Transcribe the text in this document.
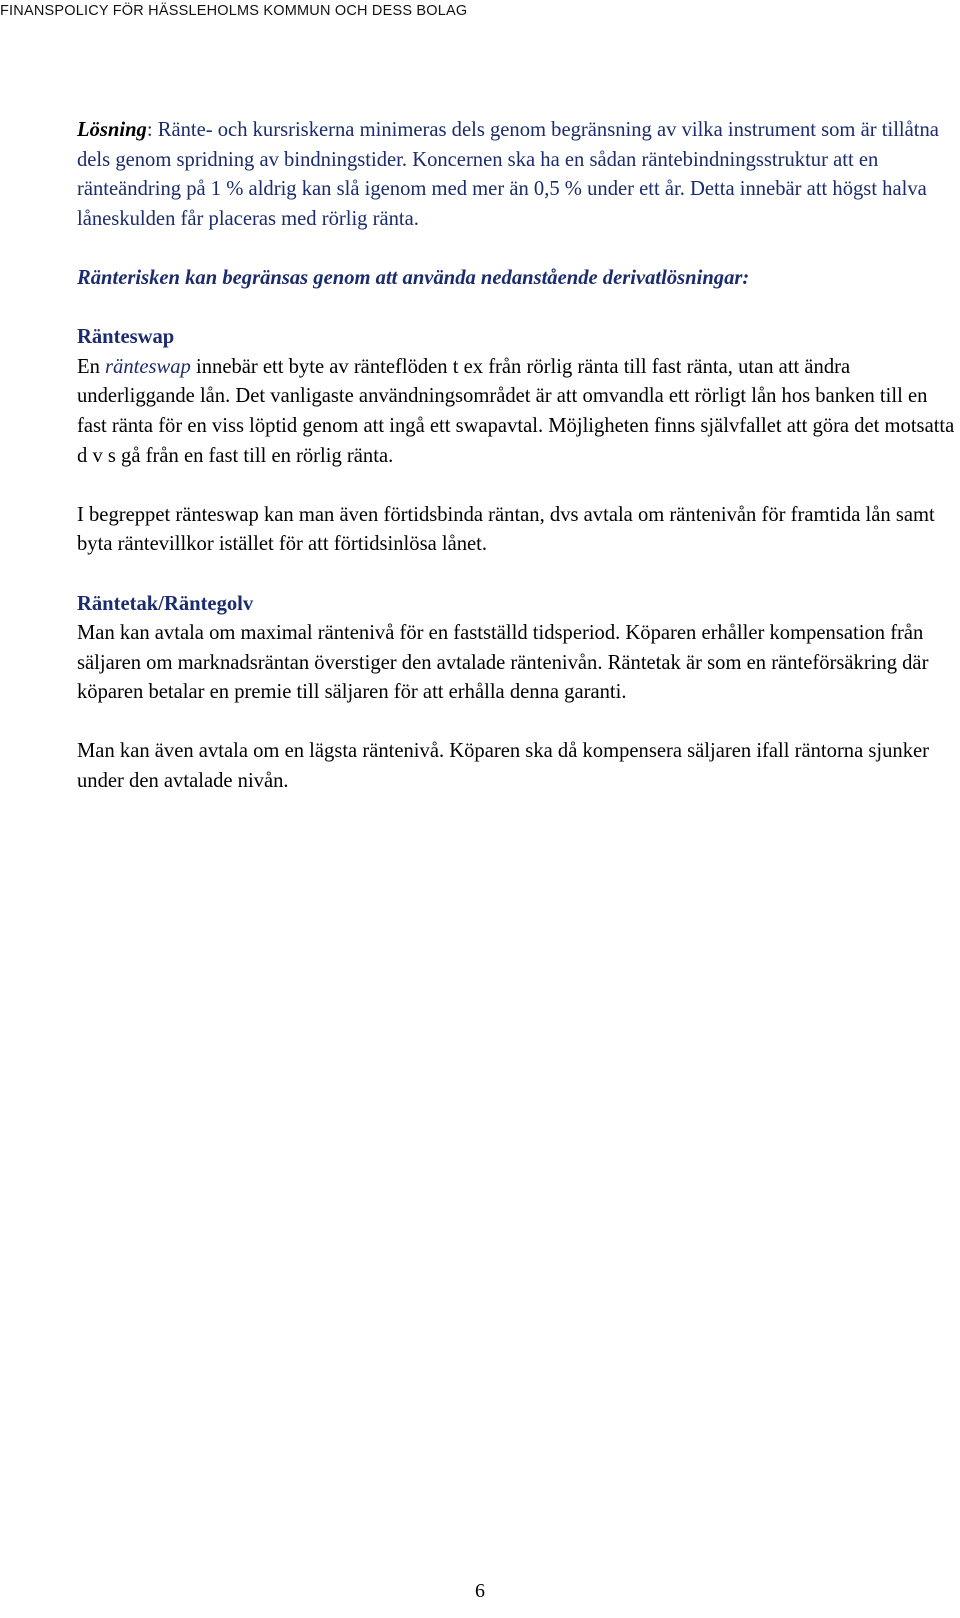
FINANSPOLICY FÖR HÄSSLEHOLMS KOMMUN OCH DESS BOLAG

Lösning: Ränte- och kursriskerna minimeras dels genom begränsning av vilka instrument som är tillåtna dels genom spridning av bindningstider. Koncernen ska ha en sådan räntebindningsstruktur att en ränteändring på 1 % aldrig kan slå igenom med mer än 0,5 % under ett år. Detta innebär att högst halva låneskulden får placeras med rörlig ränta.

Ränterisken kan begränsas genom att använda nedanstående derivatlösningar:

Ränteswap

En ränteswap innebär ett byte av ränteflöden t ex från rörlig ränta till fast ränta, utan att ändra underliggande lån. Det vanligaste användningsområdet är att omvandla ett rörligt lån hos banken till en fast ränta för en viss löptid genom att ingå ett swapavtal. Möjligheten finns självfallet att göra det motsatta d v s gå från en fast till en rörlig ränta.

I begreppet ränteswap kan man även förtidsbinda räntan, dvs avtala om räntenivån för framtida lån samt byta räntevillkor istället för att förtidsinlösa lånet.

Räntetak/Räntegolv

Man kan avtala om maximal räntenivå för en fastställd tidsperiod. Köparen erhåller kompensation från säljaren om marknadsräntan överstiger den avtalade räntenivån. Räntetak är som en ränteförsäkring där köparen betalar en premie till säljaren för att erhålla denna garanti.

Man kan även avtala om en lägsta räntenivå. Köparen ska då kompensera säljaren ifall räntorna sjunker under den avtalade nivån.

6
